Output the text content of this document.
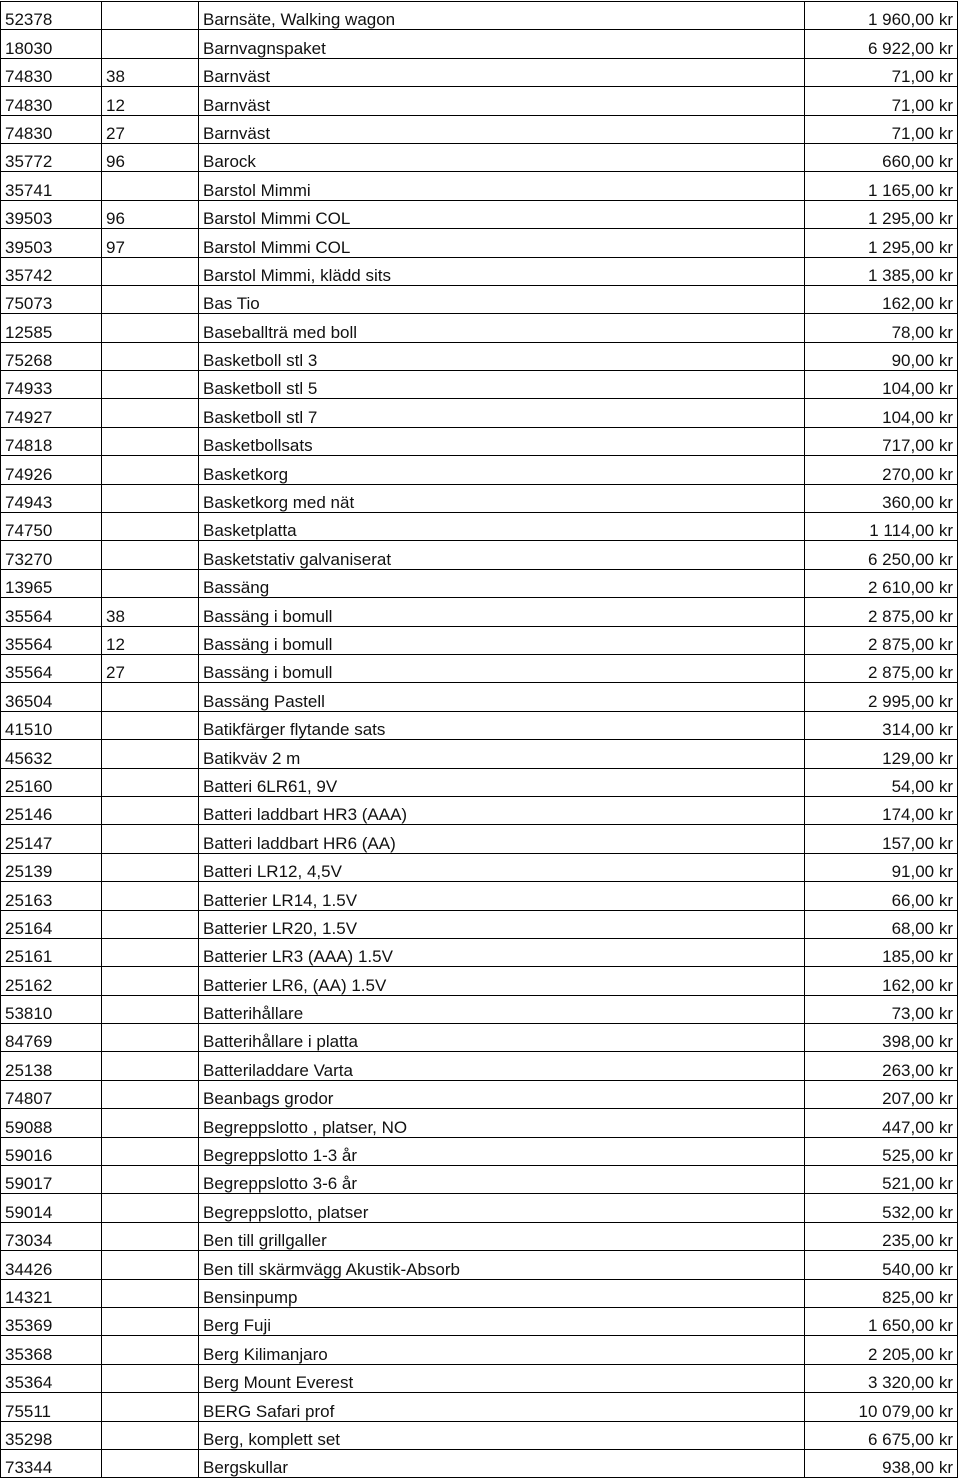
52378		Barnsäte, Walking wagon	1 960,00 kr
18030		Barnvagnspaket	6 922,00 kr
74830	38	Barnväst	71,00 kr
74830	12	Barnväst	71,00 kr
74830	27	Barnväst	71,00 kr
35772	96	Barock	660,00 kr
35741		Barstol Mimmi	1 165,00 kr
39503	96	Barstol Mimmi COL	1 295,00 kr
39503	97	Barstol Mimmi COL	1 295,00 kr
35742		Barstol Mimmi, klädd sits	1 385,00 kr
75073		Bas Tio	162,00 kr
12585		Baseballträ med boll	78,00 kr
75268		Basketboll stl 3	90,00 kr
74933		Basketboll stl 5	104,00 kr
74927		Basketboll stl 7	104,00 kr
74818		Basketbollsats	717,00 kr
74926		Basketkorg	270,00 kr
74943		Basketkorg med nät	360,00 kr
74750		Basketplatta	1 114,00 kr
73270		Basketstativ galvaniserat	6 250,00 kr
13965		Bassäng	2 610,00 kr
35564	38	Bassäng i bomull	2 875,00 kr
35564	12	Bassäng i bomull	2 875,00 kr
35564	27	Bassäng i bomull	2 875,00 kr
36504		Bassäng Pastell	2 995,00 kr
41510		Batikfärger flytande sats	314,00 kr
45632		Batikväv 2 m	129,00 kr
25160		Batteri 6LR61, 9V	54,00 kr
25146		Batteri laddbart HR3 (AAA)	174,00 kr
25147		Batteri laddbart HR6 (AA)	157,00 kr
25139		Batteri LR12, 4,5V	91,00 kr
25163		Batterier LR14, 1.5V	66,00 kr
25164		Batterier LR20, 1.5V	68,00 kr
25161		Batterier LR3 (AAA) 1.5V	185,00 kr
25162		Batterier LR6, (AA) 1.5V	162,00 kr
53810		Batterihållare	73,00 kr
84769		Batterihållare i platta	398,00 kr
25138		Batteriladdare Varta	263,00 kr
74807		Beanbags grodor	207,00 kr
59088		Begreppslotto , platser, NO	447,00 kr
59016		Begreppslotto 1-3 år	525,00 kr
59017		Begreppslotto 3-6 år	521,00 kr
59014		Begreppslotto, platser	532,00 kr
73034		Ben till grillgaller	235,00 kr
34426		Ben till skärmvägg Akustik-Absorb	540,00 kr
14321		Bensinpump	825,00 kr
35369		Berg Fuji	1 650,00 kr
35368		Berg Kilimanjaro	2 205,00 kr
35364		Berg Mount Everest	3 320,00 kr
75511		BERG Safari prof	10 079,00 kr
35298		Berg, komplett set	6 675,00 kr
73344		Bergskullar	938,00 kr
